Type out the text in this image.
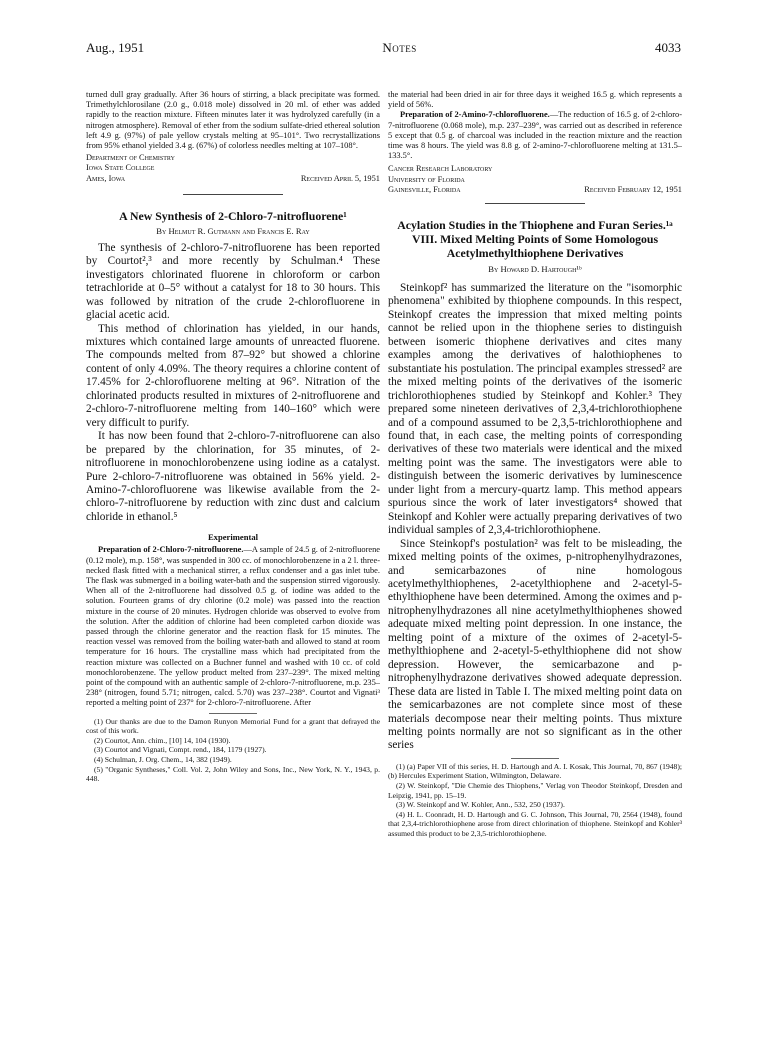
Aug., 1951	Notes	4033

turned dull gray gradually. After 36 hours of stirring, a black precipitate was formed. Trimethylchlorosilane (2.0 g., 0.018 mole) dissolved in 20 ml. of ether was added rapidly to the reaction mixture. Fifteen minutes later it was hydrolyzed carefully (in a nitrogen atmosphere). Removal of ether from the sodium sulfate-dried ethereal solution left 4.9 g. (97%) of pale yellow crystals melting at 95–101°. Two recrystallizations from 95% ethanol yielded 3.4 g. (67%) of colorless needles melting at 107–108°.

Department of Chemistry
Iowa State College
Ames, Iowa	Received April 5, 1951

A New Synthesis of 2-Chloro-7-nitrofluorene¹

By Helmut R. Gutmann and Francis E. Ray

The synthesis of 2-chloro-7-nitrofluorene has been reported by Courtot²,³ and more recently by Schulman.⁴ These investigators chlorinated fluorene in chloroform or carbon tetrachloride at 0–5° without a catalyst for 18 to 30 hours. This was followed by nitration of the crude 2-chlorofluorene in glacial acetic acid.

This method of chlorination has yielded, in our hands, mixtures which contained large amounts of unreacted fluorene. The compounds melted from 87–92° but showed a chlorine content of only 4.09%. The theory requires a chlorine content of 17.45% for 2-chlorofluorene melting at 96°. Nitration of the chlorinated products resulted in mixtures of 2-nitrofluorene and 2-chloro-7-nitrofluorene melting from 140–160° which were very difficult to purify.

It has now been found that 2-chloro-7-nitrofluorene can also be prepared by the chlorination, for 35 minutes, of 2-nitrofluorene in monochlorobenzene using iodine as a catalyst. Pure 2-chloro-7-nitrofluorene was obtained in 56% yield. 2-Amino-7-chlorofluorene was likewise available from the 2-chloro-7-nitrofluorene by reduction with zinc dust and calcium chloride in ethanol.⁵

Experimental

Preparation of 2-Chloro-7-nitrofluorene.—A sample of 24.5 g. of 2-nitrofluorene (0.12 mole), m.p. 158°, was suspended in 300 cc. of monochlorobenzene in a 2 l. three-necked flask fitted with a mechanical stirrer, a reflux condenser and a gas inlet tube. The flask was submerged in a boiling water-bath and the suspension stirred vigorously. When all of the 2-nitrofluorene had dissolved 0.5 g. of iodine was added to the solution. Fourteen grams of dry chlorine (0.2 mole) was passed into the reaction mixture in the course of 20 minutes. Hydrogen chloride was observed to evolve from the solution. After the addition of chlorine had been completed carbon dioxide was passed through the chlorine generator and the reaction flask for 15 minutes. The reaction vessel was removed from the boiling water-bath and allowed to stand at room temperature for 16 hours. The crystalline mass which had precipitated from the reaction mixture was collected on a Buchner funnel and washed with 10 cc. of cold monochlorobenzene. The yellow product melted from 237–239°. The mixed melting point of the compound with an authentic sample of 2-chloro-7-nitrofluorene, m.p. 235–238° (nitrogen, found 5.71; nitrogen, calcd. 5.70) was 237–238°. Courtot and Vignati³ reported a melting point of 237° for 2-chloro-7-nitrofluorene. After

(1) Our thanks are due to the Damon Runyon Memorial Fund for a grant that defrayed the cost of this work.

(2) Courtot, Ann. chim., [10] 14, 104 (1930).

(3) Courtot and Vignati, Compt. rend., 184, 1179 (1927).

(4) Schulman, J. Org. Chem., 14, 382 (1949).

(5) "Organic Syntheses," Coll. Vol. 2, John Wiley and Sons, Inc., New York, N. Y., 1943, p. 448.

the material had been dried in air for three days it weighed 16.5 g. which represents a yield of 56%.

Preparation of 2-Amino-7-chlorofluorene.—The reduction of 16.5 g. of 2-chloro-7-nitrofluorene (0.068 mole), m.p. 237–239°, was carried out as described in reference 5 except that 0.5 g. of charcoal was included in the reaction mixture and the reaction time was 8 hours. The yield was 8.8 g. of 2-amino-7-chlorofluorene melting at 131.5–133.5°.

Cancer Research Laboratory
University of Florida
Gainesville, Florida	Received February 12, 1951

Acylation Studies in the Thiophene and Furan Series.¹ᵃ VIII. Mixed Melting Points of Some Homologous Acetylmethylthiophene Derivatives

By Howard D. Hartough¹ᵇ

Steinkopf² has summarized the literature on the "isomorphic phenomena" exhibited by thiophene compounds. In this respect, Steinkopf creates the impression that mixed melting points cannot be relied upon in the thiophene series to distinguish between isomeric thiophene derivatives and cites many examples among the derivatives of halothiophenes to substantiate his postulation. The principal examples stressed² are the mixed melting points of the derivatives of the isomeric trichlorothiophenes studied by Steinkopf and Kohler.³ They prepared some nineteen derivatives of 2,3,4-trichlorothiophene and of a compound assumed to be 2,3,5-trichlorothiophene and found that, in each case, the melting points of corresponding derivatives of these two materials were identical and the mixed melting point was the same. The investigators were able to distinguish between the isomeric derivatives by luminescence under light from a mercury-quartz lamp. This method appears spurious since the work of later investigators⁴ showed that Steinkopf and Kohler were actually preparing derivatives of two individual samples of 2,3,4-trichlorothiophene.

Since Steinkopf's postulation² was felt to be misleading, the mixed melting points of the oximes, p-nitrophenylhydrazones, and semicarbazones of nine homologous acetylmethylthiophenes, 2-acetylthiophene and 2-acetyl-5-ethylthiophene have been determined. Among the oximes and p-nitrophenylhydrazones all nine acetylmethylthiophenes showed adequate mixed melting point depression. In one instance, the melting point of a mixture of the oximes of 2-acetyl-5-methylthiophene and 2-acetyl-5-ethylthiophene did not show depression. However, the semicarbazone and p-nitrophenylhydrazone derivatives showed adequate depression. These data are listed in Table I. The mixed melting point data on the semicarbazones are not complete since most of these materials decompose near their melting points. Thus mixture melting points normally are not so significant as in the other series

(1) (a) Paper VII of this series, H. D. Hartough and A. I. Kosak, This Journal, 70, 867 (1948); (b) Hercules Experiment Station, Wilmington, Delaware.

(2) W. Steinkopf, "Die Chemie des Thiophens," Verlag von Theodor Steinkopf, Dresden and Leipzig, 1941, pp. 15–19.

(3) W. Steinkopf and W. Kohler, Ann., 532, 250 (1937).

(4) H. L. Coonradt, H. D. Hartough and G. C. Johnson, This Journal, 70, 2564 (1948), found that 2,3,4-trichlorothiophene arose from direct chlorination of thiophene. Steinkopf and Kohler³ assumed this product to be 2,3,5-trichlorothiophene.
